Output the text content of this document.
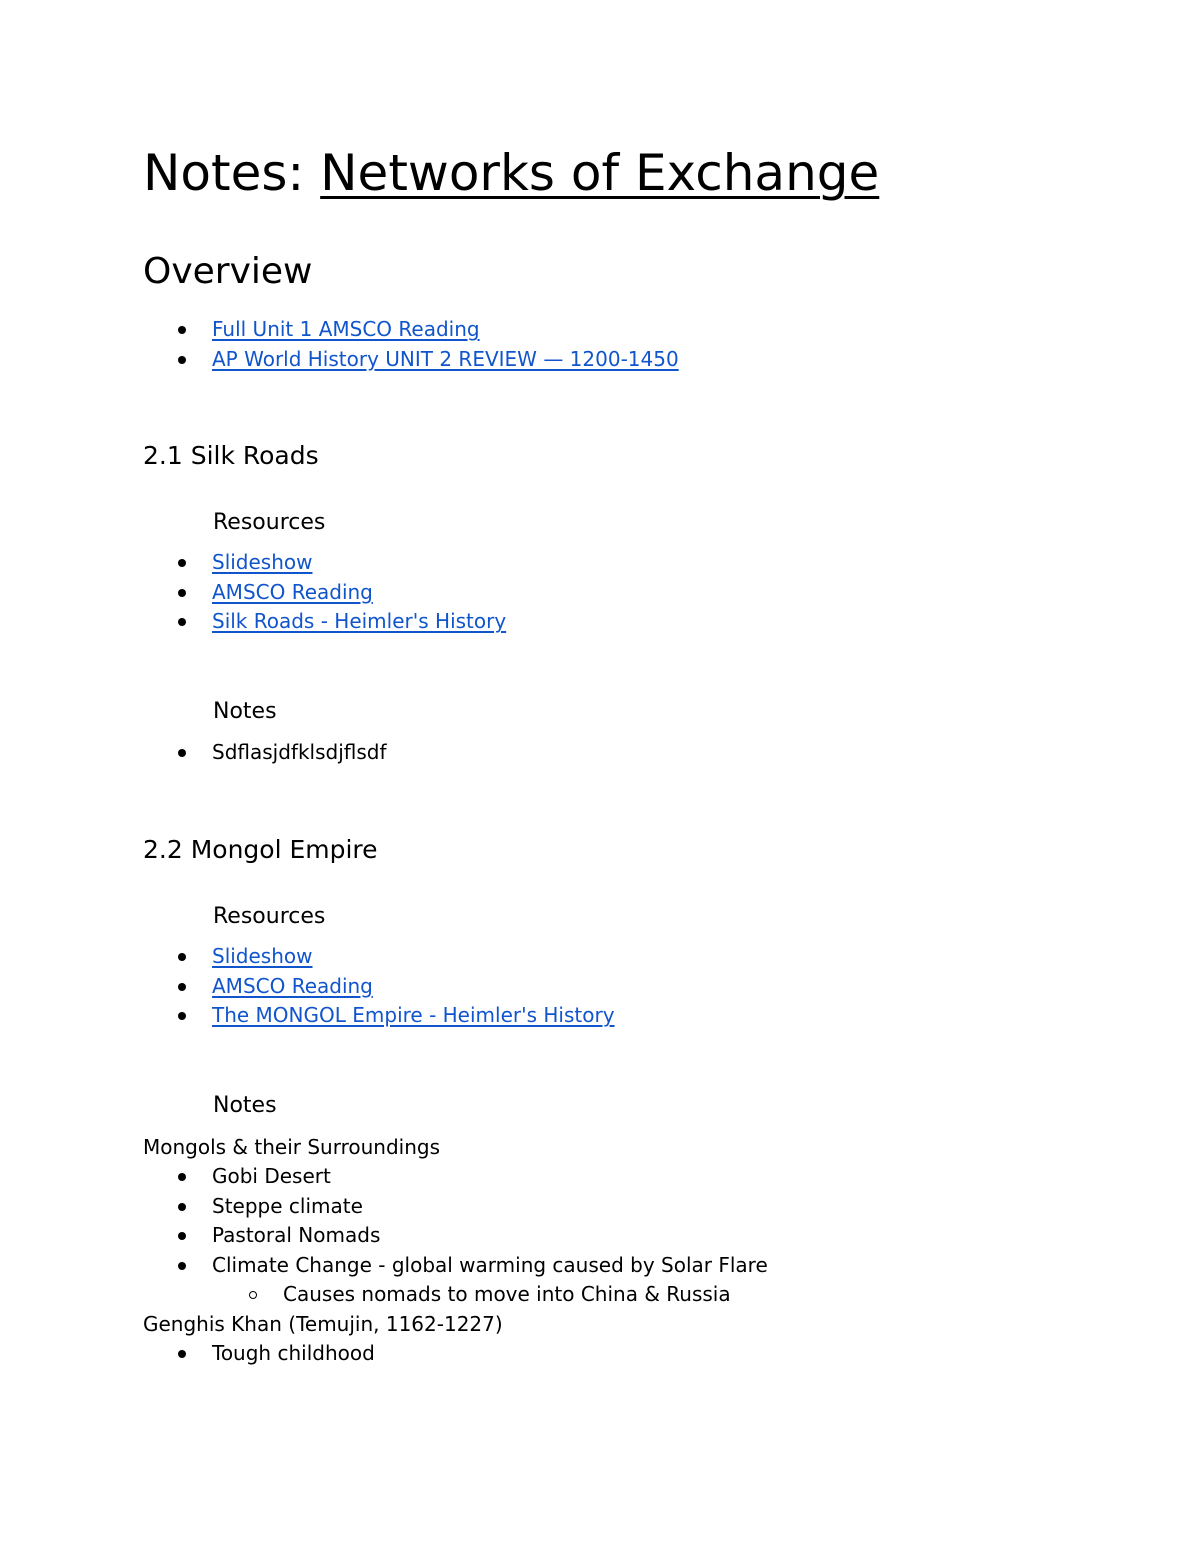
Notes: Networks of Exchange
Overview
Full Unit 1 AMSCO Reading
AP World History UNIT 2 REVIEW — 1200-1450
2.1 Silk Roads
Resources
Slideshow
AMSCO Reading
Silk Roads - Heimler's History
Notes
Sdflasjdfklsdjflsdf
2.2 Mongol Empire
Resources
Slideshow
AMSCO Reading
The MONGOL Empire - Heimler's History
Notes
Mongols & their Surroundings
Gobi Desert
Steppe climate
Pastoral Nomads
Climate Change - global warming caused by Solar Flare
Causes nomads to move into China & Russia
Genghis Khan (Temujin, 1162-1227)
Tough childhood
